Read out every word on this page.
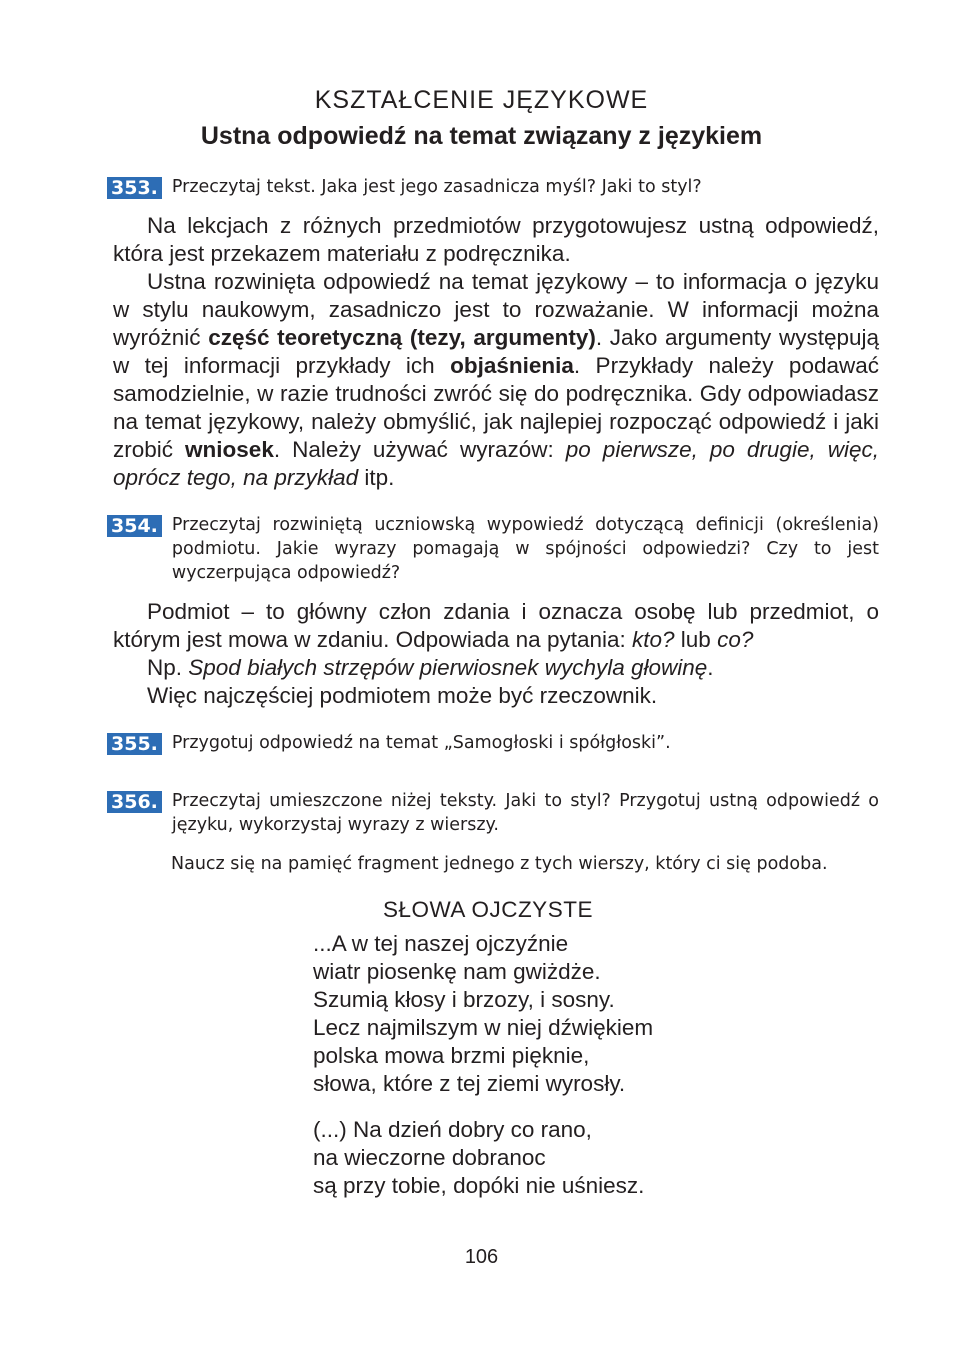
KSZTAŁCENIE JĘZYKOWE
Ustna odpowiedź na temat związany z językiem
353. Przeczytaj tekst. Jaka jest jego zasadnicza myśl? Jaki to styl?

Na lekcjach z różnych przedmiotów przygotowujesz ustną odpowiedź, która jest przekazem materiału z podręcznika.

Ustna rozwinięta odpowiedź na temat językowy – to informacja o języku w stylu naukowym, zasadniczo jest to rozważanie. W informacji można wyróżnić część teoretyczną (tezy, argumenty). Jako argumenty występują w tej informacji przykłady ich objaśnienia. Przykłady należy podawać samodzielnie, w razie trudności zwróć się do podręcznika. Gdy odpowiadasz na temat językowy, należy obmyślić, jak najlepiej rozpocząć odpowiedź i jaki zrobić wniosek. Należy używać wyrazów: po pierwsze, po drugie, więc, oprócz tego, na przykład itp.

354. Przeczytaj rozwiniętą uczniowską wypowiedź dotyczącą definicji (określenia) podmiotu. Jakie wyrazy pomagają w spójności odpowiedzi? Czy to jest wyczerpująca odpowiedź?

Podmiot – to główny człon zdania i oznacza osobę lub przedmiot, o którym jest mowa w zdaniu. Odpowiada na pytania: kto? lub co?

Np. Spod białych strzępów pierwiosnek wychyla głowinę.

Więc najczęściej podmiotem może być rzeczownik.

355. Przygotuj odpowiedź na temat „Samogłoski i spółgłoski”.
356. Przeczytaj umieszczone niżej teksty. Jaki to styl? Przygotuj ustną odpowiedź o języku, wykorzystaj wyrazy z wierszy.
Naucz się na pamięć fragment jednego z tych wierszy, który ci się podoba.
SŁOWA OJCZYSTE
...A w tej naszej ojczyźnie
wiatr piosenkę nam gwiżdże.
Szumią kłosy i brzozy, i sosny.
Lecz najmilszym w niej dźwiękiem
polska mowa brzmi pięknie,
słowa, które z tej ziemi wyrosły.
(...) Na dzień dobry co rano,
na wieczorne dobranoc
są przy tobie, dopóki nie uśniesz.
106
